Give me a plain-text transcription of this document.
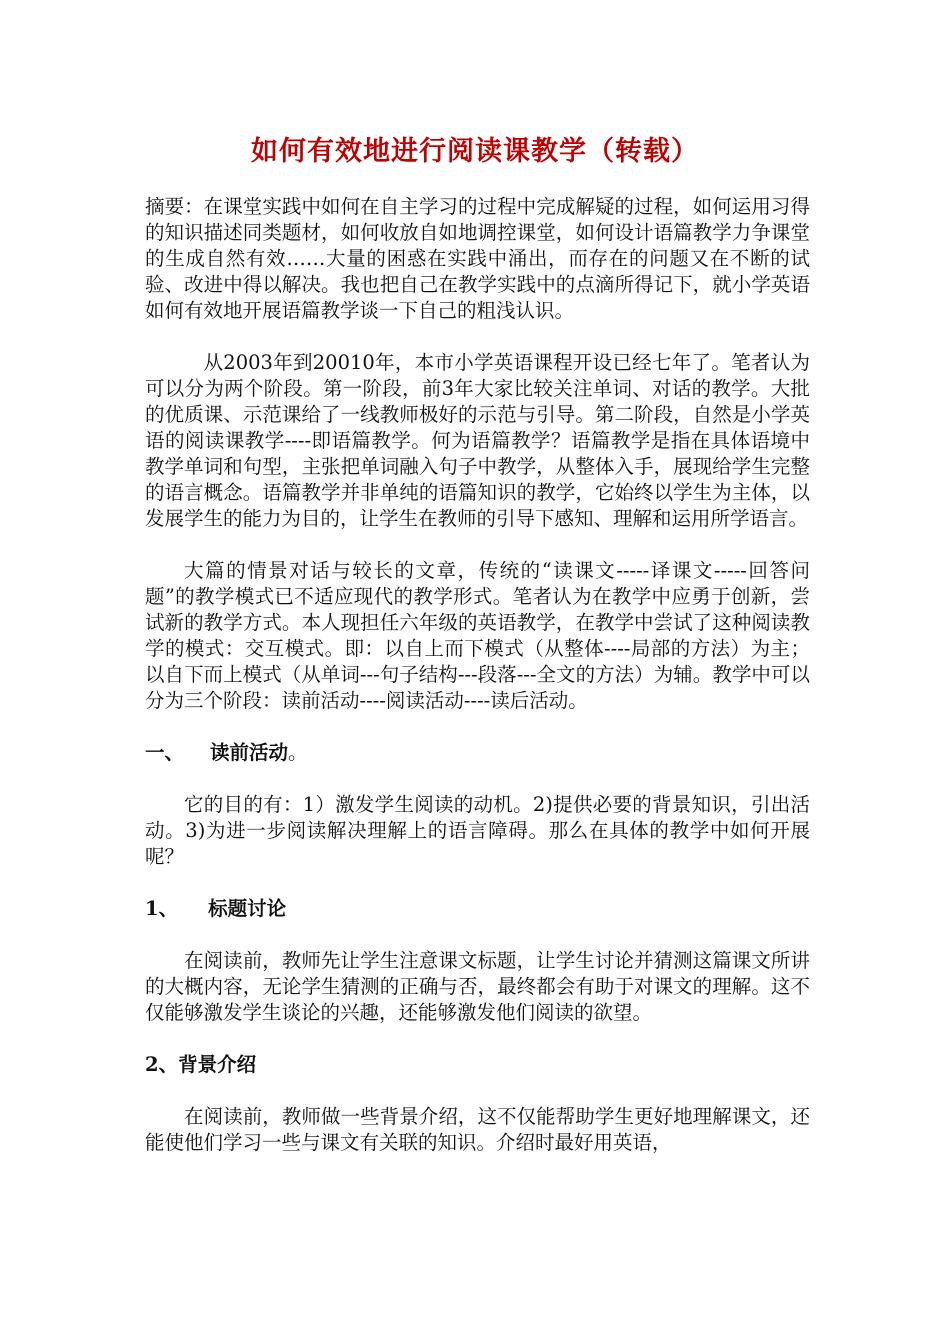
如何有效地进行阅读课教学（转载）

摘要：在课堂实践中如何在自主学习的过程中完成解疑的过程，如何运用习得的知识描述同类题材，如何收放自如地调控课堂，如何设计语篇教学力争课堂的生成自然有效……大量的困惑在实践中涌出，而存在的问题又在不断的试验、改进中得以解决。我也把自己在教学实践中的点滴所得记下，就小学英语如何有效地开展语篇教学谈一下自己的粗浅认识。

从2003年到20010年，本市小学英语课程开设已经七年了。笔者认为可以分为两个阶段。第一阶段，前3年大家比较关注单词、对话的教学。大批的优质课、示范课给了一线教师极好的示范与引导。第二阶段，自然是小学英语的阅读课教学----即语篇教学。何为语篇教学？语篇教学是指在具体语境中教学单词和句型，主张把单词融入句子中教学，从整体入手，展现给学生完整的语言概念。语篇教学并非单纯的语篇知识的教学，它始终以学生为主体，以发展学生的能力为目的，让学生在教师的引导下感知、理解和运用所学语言。

大篇的情景对话与较长的文章，传统的“读课文-----译课文-----回答问题”的教学模式已不适应现代的教学形式。笔者认为在教学中应勇于创新，尝试新的教学方式。本人现担任六年级的英语教学，在教学中尝试了这种阅读教学的模式：交互模式。即：以自上而下模式（从整体----局部的方法）为主；以自下而上模式（从单词---句子结构---段落---全文的方法）为辅。教学中可以分为三个阶段：读前活动----阅读活动----读后活动。

一、 读前活动。

它的目的有：1）激发学生阅读的动机。2)提供必要的背景知识，引出活动。3)为进一步阅读解决理解上的语言障碍。那么在具体的教学中如何开展呢？

1、 标题讨论

在阅读前，教师先让学生注意课文标题，让学生讨论并猜测这篇课文所讲的大概内容，无论学生猜测的正确与否，最终都会有助于对课文的理解。这不仅能够激发学生谈论的兴趣，还能够激发他们阅读的欲望。

2、背景介绍

在阅读前，教师做一些背景介绍，这不仅能帮助学生更好地理解课文，还能使他们学习一些与课文有关联的知识。介绍时最好用英语，
